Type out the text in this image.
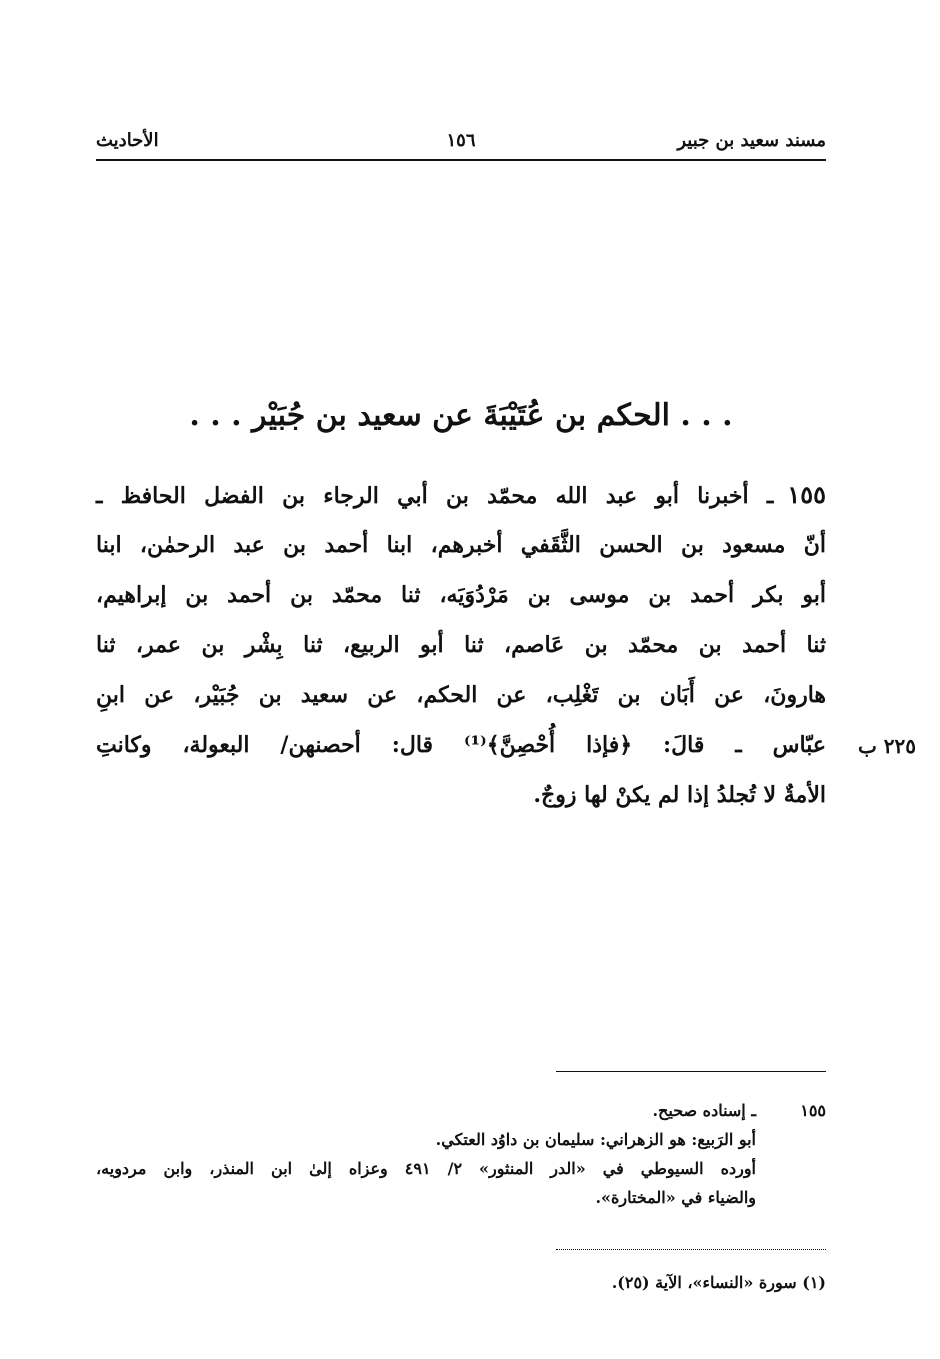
مسند سعيد بن جبير
١٥٦
الأحاديث
. . . الحكم بن عُتَيْبَةَ عن سعيد بن جُبَيْر . . .
١٥٥ـ أخبرنا أبو عبد الله محمّد بن أبي الرجاء بن الفضل الحافظ ـ
أنّ مسعود بن الحسن الثَّقَفي أخبرهم، ابنا أحمد بن عبد الرحمٰن، ابنا
أبو بكر أحمد بن موسى بن مَرْدُوَيَه، ثنا محمّد بن أحمد بن إبراهيم،
ثنا أحمد بن محمّد بن عَاصم، ثنا أبو الربيع، ثنا بِشْر بن عمر، ثنا
هارونَ، عن أَبَان بن تَغْلِب، عن الحكم، عن سعيد بن جُبَيْر، عن ابنِ
عبّاس ـ قالَ: ﴿فإذا أُحْصِنَّ﴾⁽¹⁾ قال: أحصنهن/ البعولة، وكانتِ
الأمةٌ لا تُجلدُ إذا لم يكنْ لها زوجٌ.
٢٢٥ ب
١٥٥ـ إسناده صحيح.
أبو الرَبيع: هو الزهراني: سليمان بن داوُد العتكي.
أورده السيوطي في «الدر المنثور» ٢/ ٤٩١ وعزاه إلىٰ ابن المنذر، وابن مردويه،
والضياء في «المختارة».
(١) سورة «النساء»، الآية (٢٥).
